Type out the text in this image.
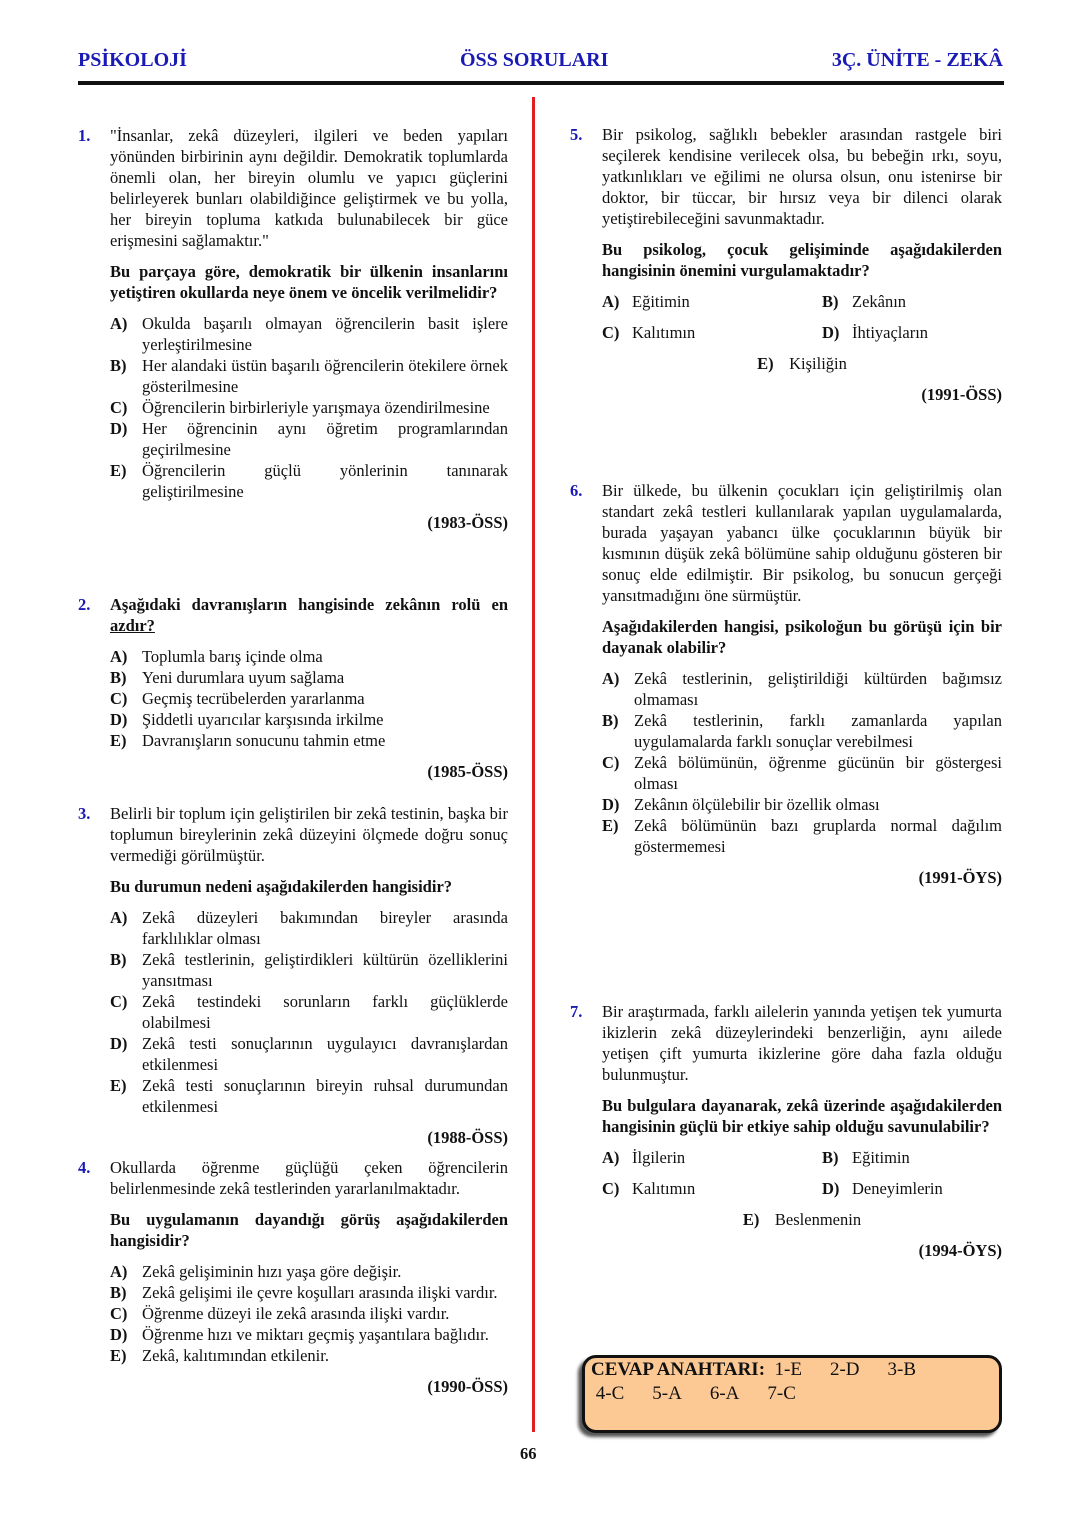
PSİKOLOJİ	ÖSS SORULARI	3Ç. ÜNİTE - ZEKÂ
1. "İnsanlar, zekâ düzeyleri, ilgileri ve beden yapıları yönünden birbirinin aynı değildir. Demokratik toplumlarda önemli olan, her bireyin olumlu ve yapıcı güçlerini belirleyerek bunları olabildiğince geliştirmek ve bu yolla, her bireyin topluma katkıda bulunabilecek bir güce erişmesini sağlamaktır."
Bu parçaya göre, demokratik bir ülkenin insanlarını yetiştiren okullarda neye önem ve öncelik verilmelidir?
A) Okulda başarılı olmayan öğrencilerin basit işlere yerleştirilmesine
B) Her alandaki üstün başarılı öğrencilerin ötekilere örnek gösterilmesine
C) Öğrencilerin birbirleriyle yarışmaya özendirilmesine
D) Her öğrencinin aynı öğretim programlarından geçirilmesine
E) Öğrencilerin güçlü yönlerinin tanınarak geliştirilmesine
(1983-ÖSS)
2. Aşağıdaki davranışların hangisinde zekânın rolü en azdır?
A) Toplumla barış içinde olma
B) Yeni durumlara uyum sağlama
C) Geçmiş tecrübelerden yararlanma
D) Şiddetli uyarıcılar karşısında irkilme
E) Davranışların sonucunu tahmin etme
(1985-ÖSS)
3. Belirli bir toplum için geliştirilen bir zekâ testinin, başka bir toplumun bireylerinin zekâ düzeyini ölçmede doğru sonuç vermediği görülmüştür.
Bu durumun nedeni aşağıdakilerden hangisidir?
A) Zekâ düzeyleri bakımından bireyler arasında farklılıklar olması
B) Zekâ testlerinin, geliştirdikleri kültürün özelliklerini yansıtması
C) Zekâ testindeki sorunların farklı güçlüklerde olabilmesi
D) Zekâ testi sonuçlarının uygulayıcı davranışlardan etkilenmesi
E) Zekâ testi sonuçlarının bireyin ruhsal durumundan etkilenmesi
(1988-ÖSS)
4. Okullarda öğrenme güçlüğü çeken öğrencilerin belirlenmesinde zekâ testlerinden yararlanılmaktadır.
Bu uygulamanın dayandığı görüş aşağıdakilerden hangisidir?
A) Zekâ gelişiminin hızı yaşa göre değişir.
B) Zekâ gelişimi ile çevre koşulları arasında ilişki vardır.
C) Öğrenme düzeyi ile zekâ arasında ilişki vardır.
D) Öğrenme hızı ve miktarı geçmiş yaşantılara bağlıdır.
E) Zekâ, kalıtımından etkilenir.
(1990-ÖSS)
5. Bir psikolog, sağlıklı bebekler arasından rastgele biri seçilerek kendisine verilecek olsa, bu bebeğin ırkı, soyu, yatkınlıkları ve eğilimi ne olursa olsun, onu istenirse bir doktor, bir tüccar, bir hırsız veya bir dilenci olarak yetiştirebileceğini savunmaktadır.
Bu psikolog, çocuk gelişiminde aşağıdakilerden hangisinin önemini vurgulamaktadır?
A) Eğitimin	B) Zekânın
C) Kalıtımın	D) İhtiyaçların
E) Kişiliğin
(1991-ÖSS)
6. Bir ülkede, bu ülkenin çocukları için geliştirilmiş olan standart zekâ testleri kullanılarak yapılan uygulamalarda, burada yaşayan yabancı ülke çocuklarının büyük bir kısmının düşük zekâ bölümüne sahip olduğunu gösteren bir sonuç elde edilmiştir. Bir psikolog, bu sonucun gerçeği yansıtmadığını öne sürmüştür.
Aşağıdakilerden hangisi, psikoloğun bu görüşü için bir dayanak olabilir?
A) Zekâ testlerinin, geliştirildiği kültürden bağımsız olmaması
B) Zekâ testlerinin, farklı zamanlarda yapılan uygulamalarda farklı sonuçlar verebilmesi
C) Zekâ bölümünün, öğrenme gücünün bir göstergesi olması
D) Zekânın ölçülebilir bir özellik olması
E) Zekâ bölümünün bazı gruplarda normal dağılım göstermemesi
(1991-ÖYS)
7. Bir araştırmada, farklı ailelerin yanında yetişen tek yumurta ikizlerin zekâ düzeylerindeki benzerliğin, aynı ailede yetişen çift yumurta ikizlerine göre daha fazla olduğu bulunmuştur.
Bu bulgulara dayanarak, zekâ üzerinde aşağıdakilerden hangisinin güçlü bir etkiye sahip olduğu savunulabilir?
A) İlgilerin	B) Eğitimin
C) Kalıtımın	D) Deneyimlerin
E) Beslenmenin
(1994-ÖYS)
66
CEVAP ANAHTARI: 1-E 2-D 3-B
4-C 5-A 6-A 7-C
